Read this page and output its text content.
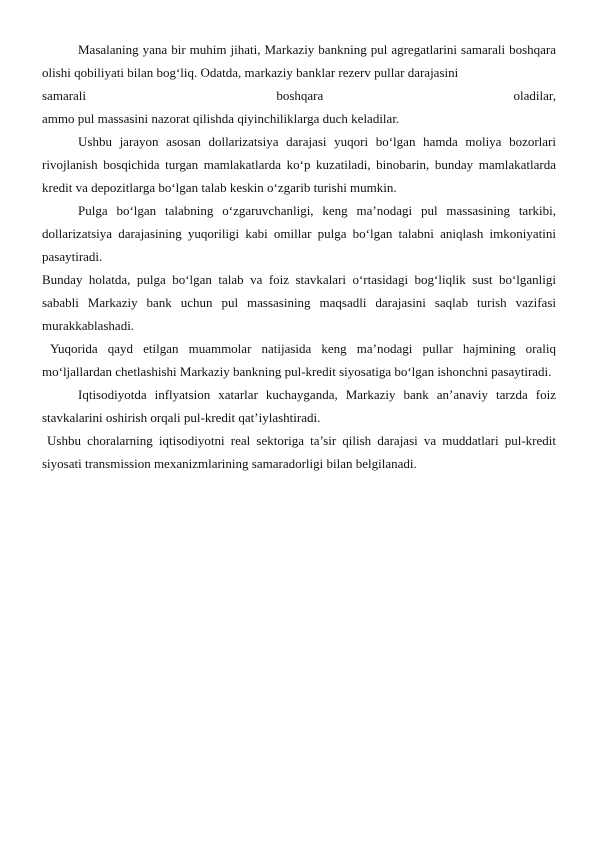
Masalaning yana bir muhim jihati, Markaziy bankning pul agregatlarini samarali boshqara olishi qobiliyati bilan bog‘liq. Odatda, markaziy banklar rezerv pullar darajasini

samarali	boshqara	oladilar,

ammo pul massasini nazorat qilishda qiyinchiliklarga duch keladilar.

Ushbu jarayon asosan dollarizatsiya darajasi yuqori bo‘lgan hamda moliya bozorlari rivojlanish bosqichida turgan mamlakatlarda ko‘p kuzatiladi, binobarin, bunday mamlakatlarda kredit va depozitlarga bo‘lgan talab keskin o‘zgarib turishi mumkin.

Pulga bo‘lgan talabning o‘zgaruvchanligi, keng ma’nodagi pul massasining tarkibi, dollarizatsiya darajasining yuqoriligi kabi omillar pulga bo‘lgan talabni aniqlash imkoniyatini pasaytiradi.

Bunday holatda, pulga bo‘lgan talab va foiz stavkalari o‘rtasidagi bog‘liqlik sust bo‘lganligi sababli Markaziy bank uchun pul massasining maqsadli darajasini saqlab turish vazifasi murakkablashadi.

Yuqorida qayd etilgan muammolar natijasida keng ma’nodagi pullar hajmining oraliq mo‘ljallardan chetlashishi Markaziy bankning pul-kredit siyosatiga bo‘lgan ishonchni pasaytiradi.

Iqtisodiyotda inflyatsion xatarlar kuchayganda, Markaziy bank an’anaviy tarzda foiz stavkalarini oshirish orqali pul-kredit qat’iylashtiradi.

Ushbu choralarning iqtisodiyotni real sektoriga ta’sir qilish darajasi va muddatlari pul-kredit siyosati transmission mexanizmlarining samaradorligi bilan belgilanadi.
